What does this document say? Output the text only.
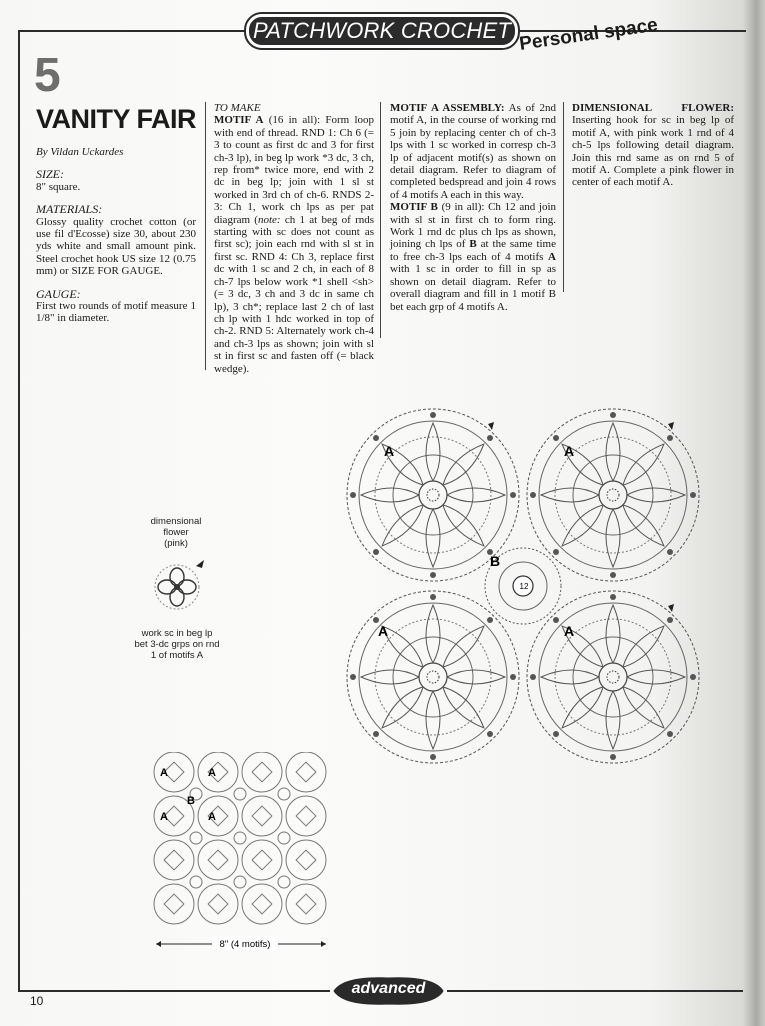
PATCHWORK CROCHET Personal space
5
VANITY FAIR

By Vildan Uckardes

SIZE:

8" square.

MATERIALS:

Glossy quality crochet cotton (or use fil d'Ecosse) size 30, about 230 yds white and small amount pink. Steel crochet hook US size 12 (0.75 mm) or SIZE FOR GAUGE.

GAUGE:

First two rounds of motif measure 1 1/8" in diameter.

TO MAKE

MOTIF A (16 in all): Form loop with end of thread. RND 1: Ch 6 (= 3 to count as first dc and 3 for first ch-3 lp), in beg lp work *3 dc, 3 ch, rep from* twice more, end with 2 dc in beg lp; join with 1 sl st worked in 3rd ch of ch-6. RNDS 2-3: Ch 1, work ch lps as per pat diagram (note: ch 1 at beg of rnds starting with sc does not count as first sc); join each rnd with sl st in first sc. RND 4: Ch 3, replace first dc with 1 sc and 2 ch, in each of 8 ch-7 lps below work *1 shell <sh> (= 3 dc, 3 ch and 3 dc in same ch lp), 3 ch*; replace last 2 ch of last ch lp with 1 hdc worked in top of ch-2. RND 5: Alternately work ch-4 and ch-3 lps as shown; join with sl st in first sc and fasten off (= black wedge).

MOTIF A ASSEMBLY: As of 2nd motif A, in the course of working rnd 5 join by replacing center ch of ch-3 lps with 1 sc worked in corresp ch-3 lp of adjacent motif(s) as shown on detail diagram. Refer to diagram of completed bedspread and join 4 rows of 4 motifs A each in this way.

MOTIF B (9 in all): Ch 12 and join with sl st in first ch to form ring. Work 1 rnd dc plus ch lps as shown, joining ch lps of B at the same time to free ch-3 lps each of 4 motifs A with 1 sc in order to fill in sp as shown on detail diagram. Refer to overall diagram and fill in 1 motif B bet each grp of 4 motifs A.

DIMENSIONAL FLOWER: Inserting hook for sc in beg lp of motif A, with pink work 1 rnd of 4 ch-5 lps following detail diagram. Join this rnd same as on rnd 5 of motif A. Complete a pink flower in center of each motif A.

dimensional
flower
(pink)
work sc in beg lp
bet 3-dc grps on rnd
1 of motifs A
12
A	A
A	A
B
A	A
A	A
B
8" (4 motifs)
advanced
10
